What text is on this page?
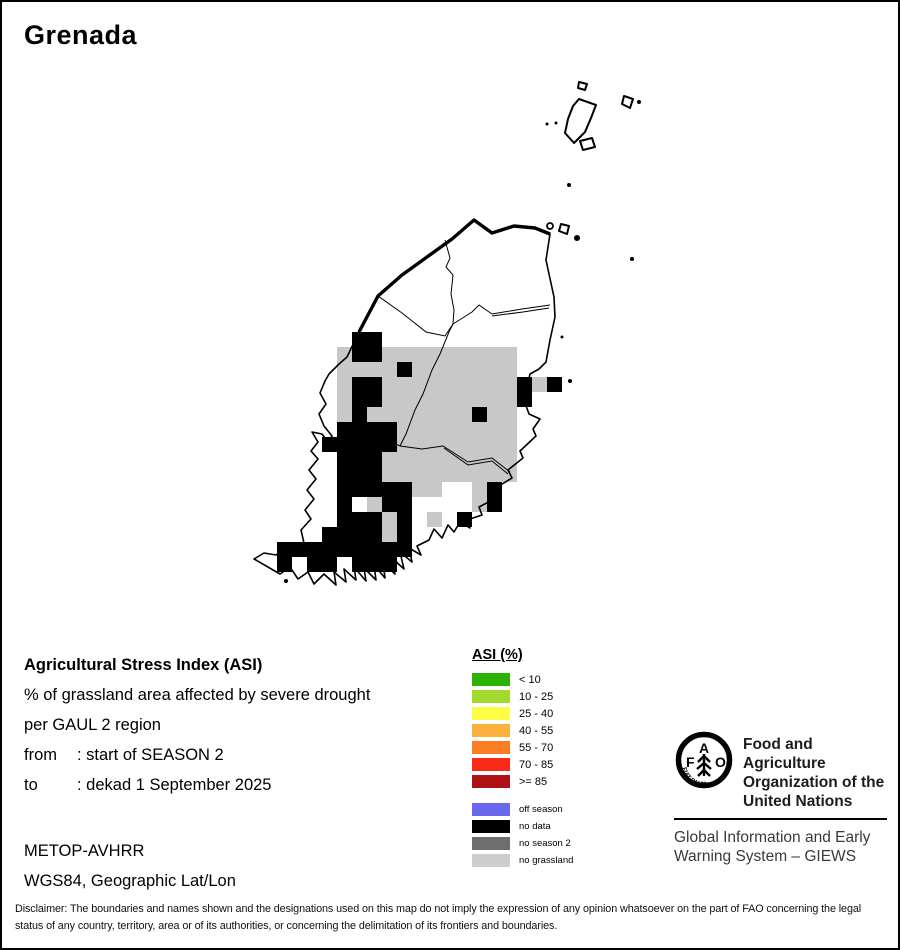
Grenada
Agricultural Stress Index (ASI)
% of grassland area affected by severe drought
per GAUL 2 region
from	: start of SEASON 2
to	: dekad 1 September 2025
METOP-AVHRR
WGS84, Geographic Lat/Lon
ASI (%)
< 10
10 - 25
25 - 40
40 - 55
55 - 70
70 - 85
>= 85
off season
no data
no season 2
no grassland
F
A
O
FIAT PANIS
Food and Agriculture
Organization of the
United Nations
Global Information and Early
Warning System – GIEWS
Disclaimer: The boundaries and names shown and the designations used on this map do not imply the expression of any opinion whatsoever on the part of FAO concerning the legal status of any country, territory, area or of its authorities, or concerning the delimitation of its frontiers and boundaries.
